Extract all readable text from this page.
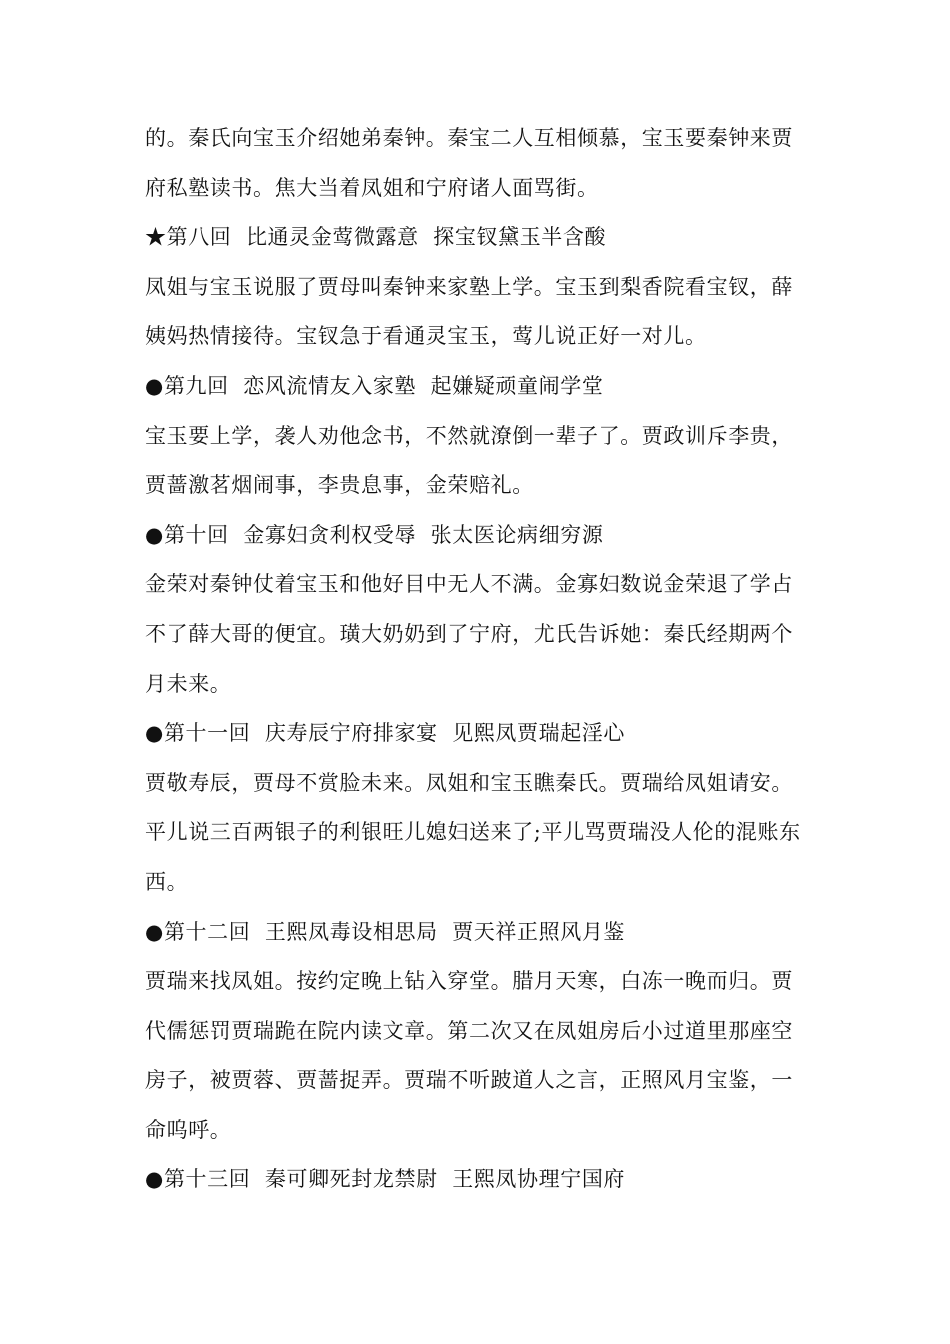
的。秦氏向宝玉介绍她弟秦钟。秦宝二人互相倾慕，宝玉要秦钟来贾府私塾读书。焦大当着凤姐和宁府诸人面骂街。

★第八回  比通灵金莺微露意  探宝钗黛玉半含酸

凤姐与宝玉说服了贾母叫秦钟来家塾上学。宝玉到梨香院看宝钗，薛姨妈热情接待。宝钗急于看通灵宝玉，莺儿说正好一对儿。

●第九回  恋风流情友入家塾  起嫌疑顽童闹学堂

宝玉要上学，袭人劝他念书，不然就潦倒一辈子了。贾政训斥李贵，贾蔷激茗烟闹事，李贵息事，金荣赔礼。

●第十回  金寡妇贪利权受辱  张太医论病细穷源

金荣对秦钟仗着宝玉和他好目中无人不满。金寡妇数说金荣退了学占不了薛大哥的便宜。璜大奶奶到了宁府，尤氏告诉她：秦氏经期两个月未来。

●第十一回  庆寿辰宁府排家宴  见熙凤贾瑞起淫心

贾敬寿辰，贾母不赏脸未来。凤姐和宝玉瞧秦氏。贾瑞给凤姐请安。平儿说三百两银子的利银旺儿媳妇送来了;平儿骂贾瑞没人伦的混账东西。

●第十二回  王熙凤毒设相思局  贾天祥正照风月鉴

贾瑞来找凤姐。按约定晚上钻入穿堂。腊月天寒，白冻一晚而归。贾代儒惩罚贾瑞跪在院内读文章。第二次又在凤姐房后小过道里那座空房子，被贾蓉、贾蔷捉弄。贾瑞不听跛道人之言，正照风月宝鉴，一命呜呼。

●第十三回  秦可卿死封龙禁尉  王熙凤协理宁国府
